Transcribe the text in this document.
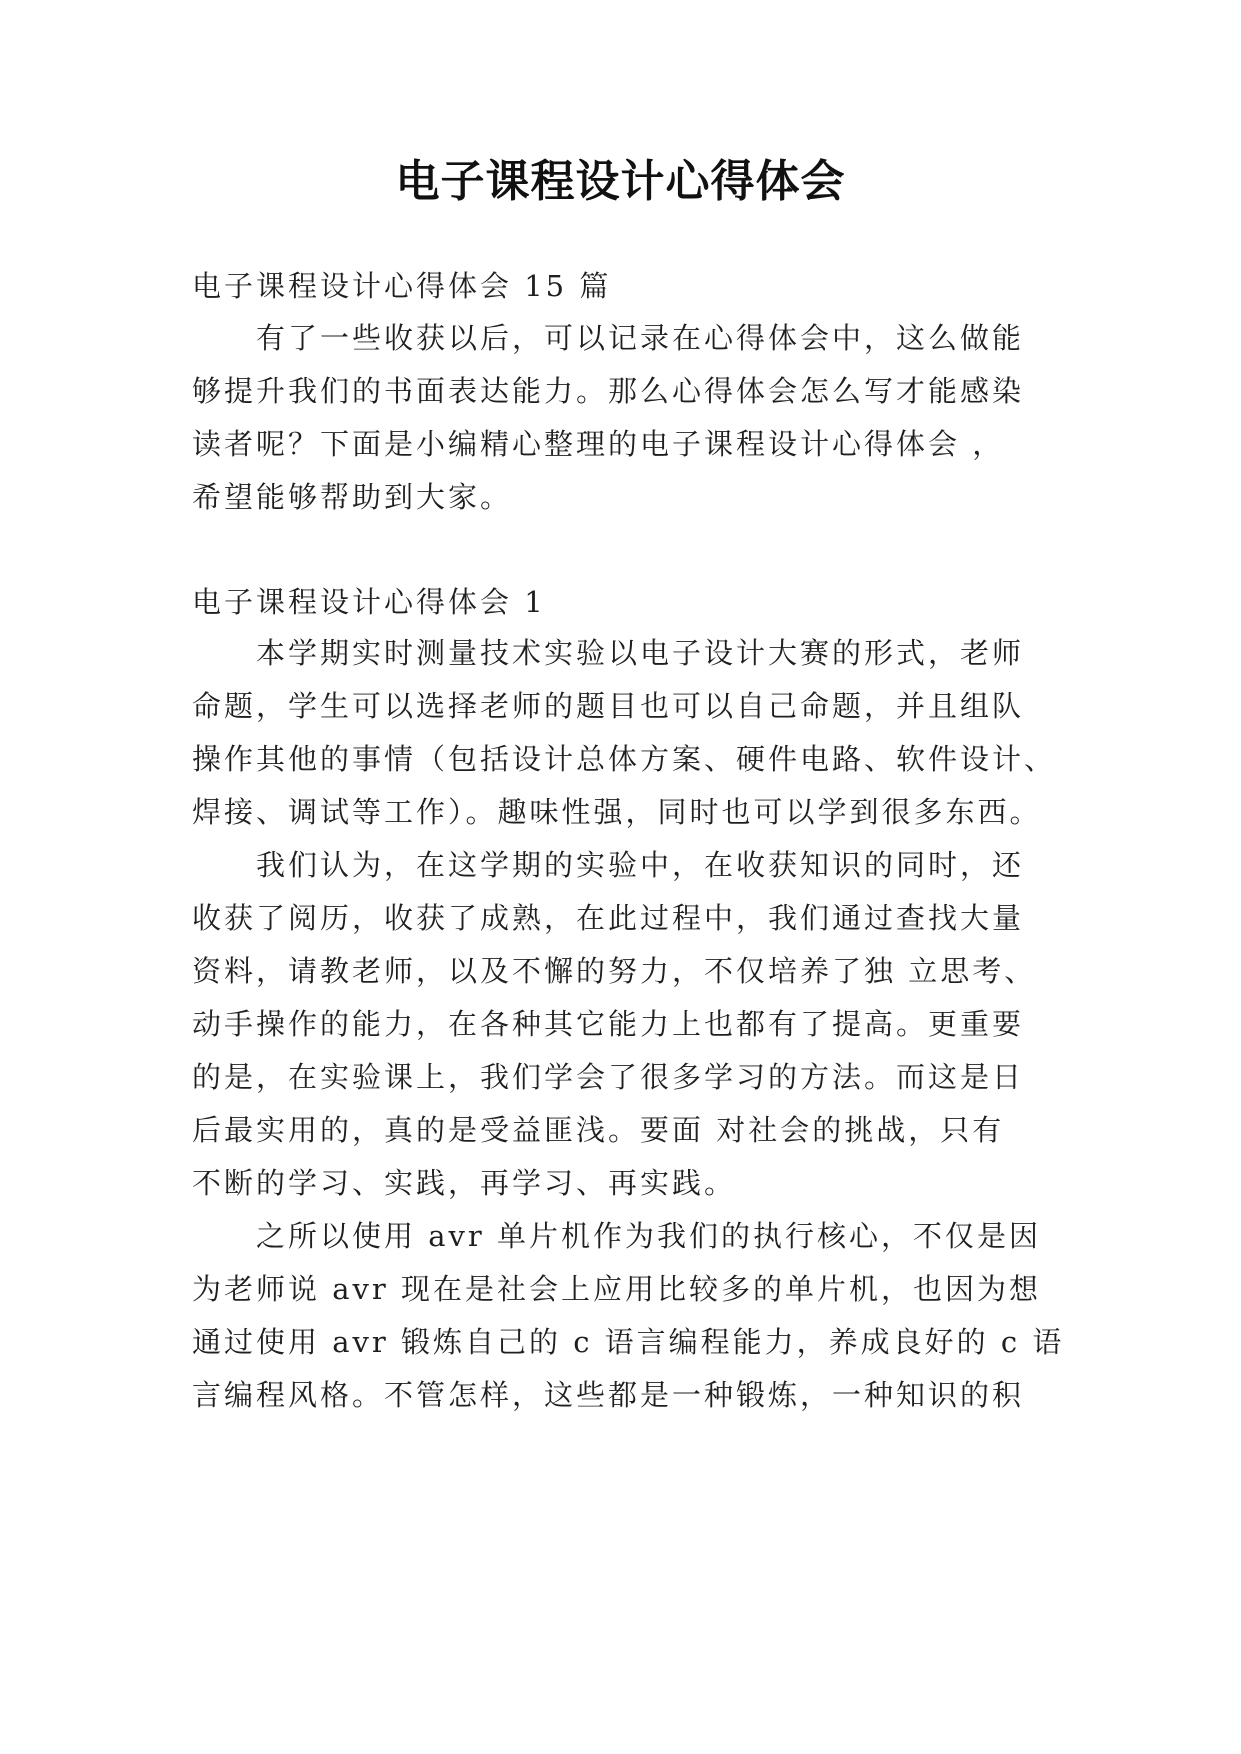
电子课程设计心得体会
电子课程设计心得体会 15 篇
有了一些收获以后，可以记录在心得体会中，这么做能
够提升我们的书面表达能力。那么心得体会怎么写才能感染
读者呢？下面是小编精心整理的电子课程设计心得体会 ，
希望能够帮助到大家。
电子课程设计心得体会 1
本学期实时测量技术实验以电子设计大赛的形式，老师
命题，学生可以选择老师的题目也可以自己命题，并且组队
操作其他的事情（包括设计总体方案、硬件电路、软件设计、
焊接、调试等工作）。趣味性强，同时也可以学到很多东西。
我们认为，在这学期的实验中，在收获知识的同时，还
收获了阅历，收获了成熟，在此过程中，我们通过查找大量
资料，请教老师，以及不懈的努力，不仅培养了独 立思考、
动手操作的能力，在各种其它能力上也都有了提高。更重要
的是，在实验课上，我们学会了很多学习的方法。而这是日
后最实用的，真的是受益匪浅。要面 对社会的挑战，只有
不断的学习、实践，再学习、再实践。
之所以使用 avr 单片机作为我们的执行核心，不仅是因
为老师说 avr 现在是社会上应用比较多的单片机，也因为想
通过使用 avr 锻炼自己的 c 语言编程能力，养成良好的 c 语
言编程风格。不管怎样，这些都是一种锻炼，一种知识的积
